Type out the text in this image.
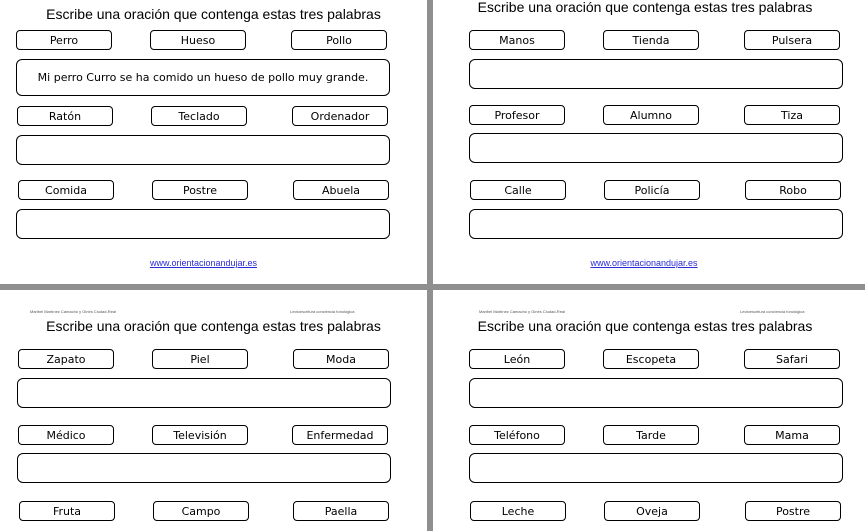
Escribe una oración que contenga estas tres palabras
Perro	Hueso	Pollo
Mi perro Curro se ha comido un hueso de pollo muy grande.
Ratón	Teclado	Ordenador
Comida	Postre	Abuela
www.orientacionandujar.es
Escribe una oración que contenga estas tres palabras
Manos	Tienda	Pulsera
Profesor	Alumno	Tiza
Calle	Policía	Robo
www.orientacionandujar.es
Maribel Martínez Camacho y Ginés Ciudad-Real	Lectoescritura conciencia fonológica
Escribe una oración que contenga estas tres palabras
Zapato	Piel	Moda
Médico	Televisión	Enfermedad
Fruta	Campo	Paella
Maribel Martínez Camacho y Ginés Ciudad-Real	Lectoescritura conciencia fonológica
Escribe una oración que contenga estas tres palabras
León	Escopeta	Safari
Teléfono	Tarde	Mama
Leche	Oveja	Postre
